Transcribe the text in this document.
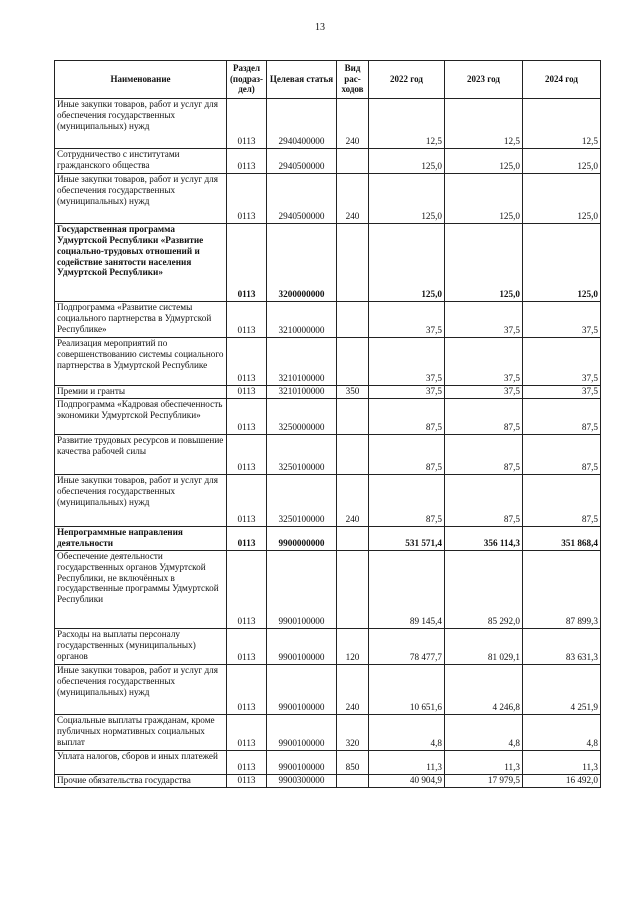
13
Наименование	Раздел (подраз-дел)	Целевая статья	Вид рас-ходов	2022 год	2023 год	2024 год
Иные закупки товаров, работ и услуг для обеспечения государственных (муниципальных) нужд	0113	2940400000	240	12,5	12,5	12,5
Сотрудничество с институтами гражданского общества	0113	2940500000		125,0	125,0	125,0
Иные закупки товаров, работ и услуг для обеспечения государственных (муниципальных) нужд	0113	2940500000	240	125,0	125,0	125,0
Государственная программа Удмуртской Республики «Развитие социально-трудовых отношений и содействие занятости населения Удмуртской Республики»	0113	3200000000		125,0	125,0	125,0
Подпрограмма «Развитие системы социального партнерства в Удмуртской Республике»	0113	3210000000		37,5	37,5	37,5
Реализация мероприятий по совершенствованию системы социального партнерства в Удмуртской Республике	0113	3210100000		37,5	37,5	37,5
Премии и гранты	0113	3210100000	350	37,5	37,5	37,5
Подпрограмма «Кадровая обеспеченность экономики Удмуртской Республики»	0113	3250000000		87,5	87,5	87,5
Развитие трудовых ресурсов и повышение качества рабочей силы	0113	3250100000		87,5	87,5	87,5
Иные закупки товаров, работ и услуг для обеспечения государственных (муниципальных) нужд	0113	3250100000	240	87,5	87,5	87,5
Непрограммные направления деятельности	0113	9900000000		531 571,4	356 114,3	351 868,4
Обеспечение деятельности государственных органов Удмуртской Республики, не включённых в государственные программы Удмуртской Республики	0113	9900100000		89 145,4	85 292,0	87 899,3
Расходы на выплаты персоналу государственных (муниципальных) органов	0113	9900100000	120	78 477,7	81 029,1	83 631,3
Иные закупки товаров, работ и услуг для обеспечения государственных (муниципальных) нужд	0113	9900100000	240	10 651,6	4 246,8	4 251,9
Социальные выплаты гражданам, кроме публичных нормативных социальных выплат	0113	9900100000	320	4,8	4,8	4,8
Уплата налогов, сборов и иных платежей	0113	9900100000	850	11,3	11,3	11,3
Прочие обязательства государства	0113	9900300000		40 904,9	17 979,5	16 492,0
